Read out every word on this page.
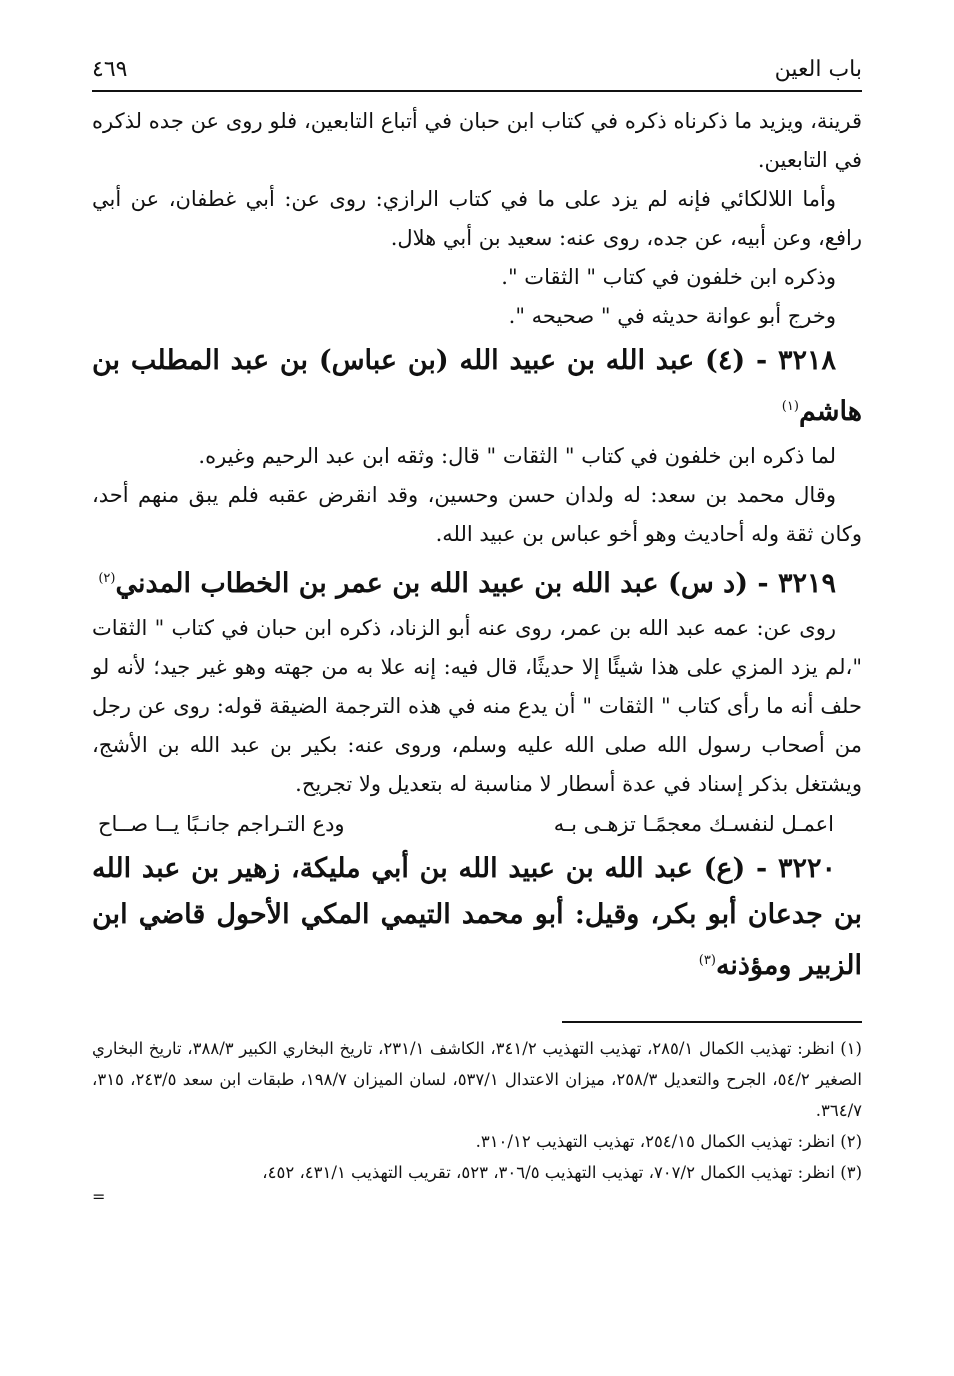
باب العين
٤٦٩

قرينة، ويزيد ما ذكرناه ذكره في كتاب ابن حبان في أتباع التابعين، فلو روى عن جده لذكره في التابعين.

وأما اللالكائي فإنه لم يزد على ما في كتاب الرازي: روى عن: أبي غطفان، عن أبي رافع، وعن أبيه، عن جده، روى عنه: سعيد بن أبي هلال.

وذكره ابن خلفون في كتاب " الثقات ".

وخرج أبو عوانة حديثه في " صحيحه ".

٣٢١٨ - (٤) عبد الله بن عبيد الله (بن عباس) بن عبد المطلب بن هاشم$^{(١)}$

لما ذكره ابن خلفون في كتاب " الثقات " قال: وثقه ابن عبد الرحيم وغيره.

وقال محمد بن سعد: له ولدان حسن وحسين، وقد انقرض عقبه فلم يبق منهم أحد، وكان ثقة وله أحاديث وهو أخو عباس بن عبيد الله.

٣٢١٩ - (د س) عبد الله بن عبيد الله بن عمر بن الخطاب المدني$^{(٢)}$

روى عن: عمه عبد الله بن عمر، روى عنه أبو الزناد، ذكره ابن حبان في كتاب " الثقات "،لم يزد المزي على هذا شيئًا إلا حديثًا، قال فيه: إنه علا به من جهته وهو غير جيد؛ لأنه لو حلف أنه ما رأى كتاب " الثقات " أن يدع منه في هذه الترجمة الضيقة قوله: روى عن رجل من أصحاب رسول الله صلى الله عليه وسلم، وروى عنه: بكير بن عبد الله بن الأشج، ويشتغل بذكر إسناد في عدة أسطار لا مناسبة له بتعديل ولا تجريح.

اعمـل لنفسـك معجمًـا تزهـى بـه
ودع التـراجم جانـبًا يــا صــاح
٣٢٢٠ - (ع) عبد الله بن عبيد الله بن أبي مليكة، زهير بن عبد الله بن جدعان أبو بكر، وقيل: أبو محمد التيمي المكي الأحول قاضي ابن الزبير ومؤذنه$^{(٣)}$

(١) انظر: تهذيب الكمال ٢٨٥/١، تهذيب التهذيب ٣٤١/٢، الكاشف ٢٣١/١، تاريخ البخاري الكبير ٣٨٨/٣، تاريخ البخاري الصغير ٥٤/٢، الجرح والتعديل ٢٥٨/٣، ميزان الاعتدال ٥٣٧/١، لسان الميزان ١٩٨/٧، طبقات ابن سعد ٢٤٣/٥، ٣١٥، ٣٦٤/٧.

(٢) انظر: تهذيب الكمال ٢٥٤/١٥، تهذيب التهذيب ٣١٠/١٢.

(٣) انظر: تهذيب الكمال ٧٠٧/٢، تهذيب التهذيب ٣٠٦/٥، ٥٢٣، تقريب التهذيب ٤٣١/١، ٤٥٢،

=
